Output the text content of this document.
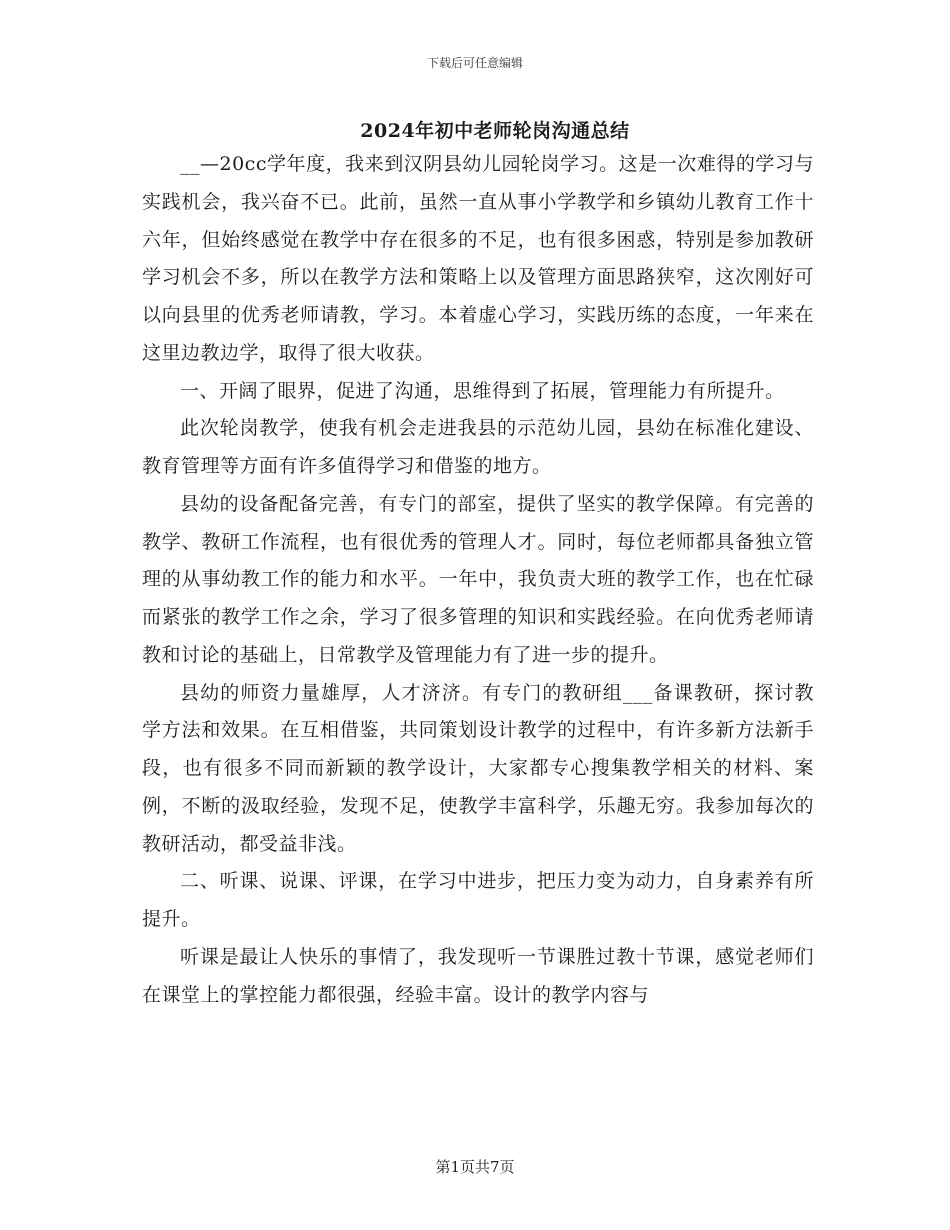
下载后可任意编辑
2024年初中老师轮岗沟通总结

__—20cc学年度，我来到汉阴县幼儿园轮岗学习。这是一次难得的学习与实践机会，我兴奋不已。此前，虽然一直从事小学教学和乡镇幼儿教育工作十六年，但始终感觉在教学中存在很多的不足，也有很多困惑，特别是参加教研学习机会不多，所以在教学方法和策略上以及管理方面思路狭窄，这次刚好可以向县里的优秀老师请教，学习。本着虚心学习，实践历练的态度，一年来在这里边教边学，取得了很大收获。

一、开阔了眼界，促进了沟通，思维得到了拓展，管理能力有所提升。

此次轮岗教学，使我有机会走进我县的示范幼儿园，县幼在标准化建设、教育管理等方面有许多值得学习和借鉴的地方。

县幼的设备配备完善，有专门的部室，提供了坚实的教学保障。有完善的教学、教研工作流程，也有很优秀的管理人才。同时，每位老师都具备独立管理的从事幼教工作的能力和水平。一年中，我负责大班的教学工作，也在忙碌而紧张的教学工作之余，学习了很多管理的知识和实践经验。在向优秀老师请教和讨论的基础上，日常教学及管理能力有了进一步的提升。

县幼的师资力量雄厚，人才济济。有专门的教研组___备课教研，探讨教学方法和效果。在互相借鉴，共同策划设计教学的过程中，有许多新方法新手段，也有很多不同而新颖的教学设计，大家都专心搜集教学相关的材料、案例，不断的汲取经验，发现不足，使教学丰富科学，乐趣无穷。我参加每次的教研活动，都受益非浅。

二、听课、说课、评课，在学习中进步，把压力变为动力，自身素养有所提升。

听课是最让人快乐的事情了，我发现听一节课胜过教十节课，感觉老师们在课堂上的掌控能力都很强，经验丰富。设计的教学内容与

第1页共7页
